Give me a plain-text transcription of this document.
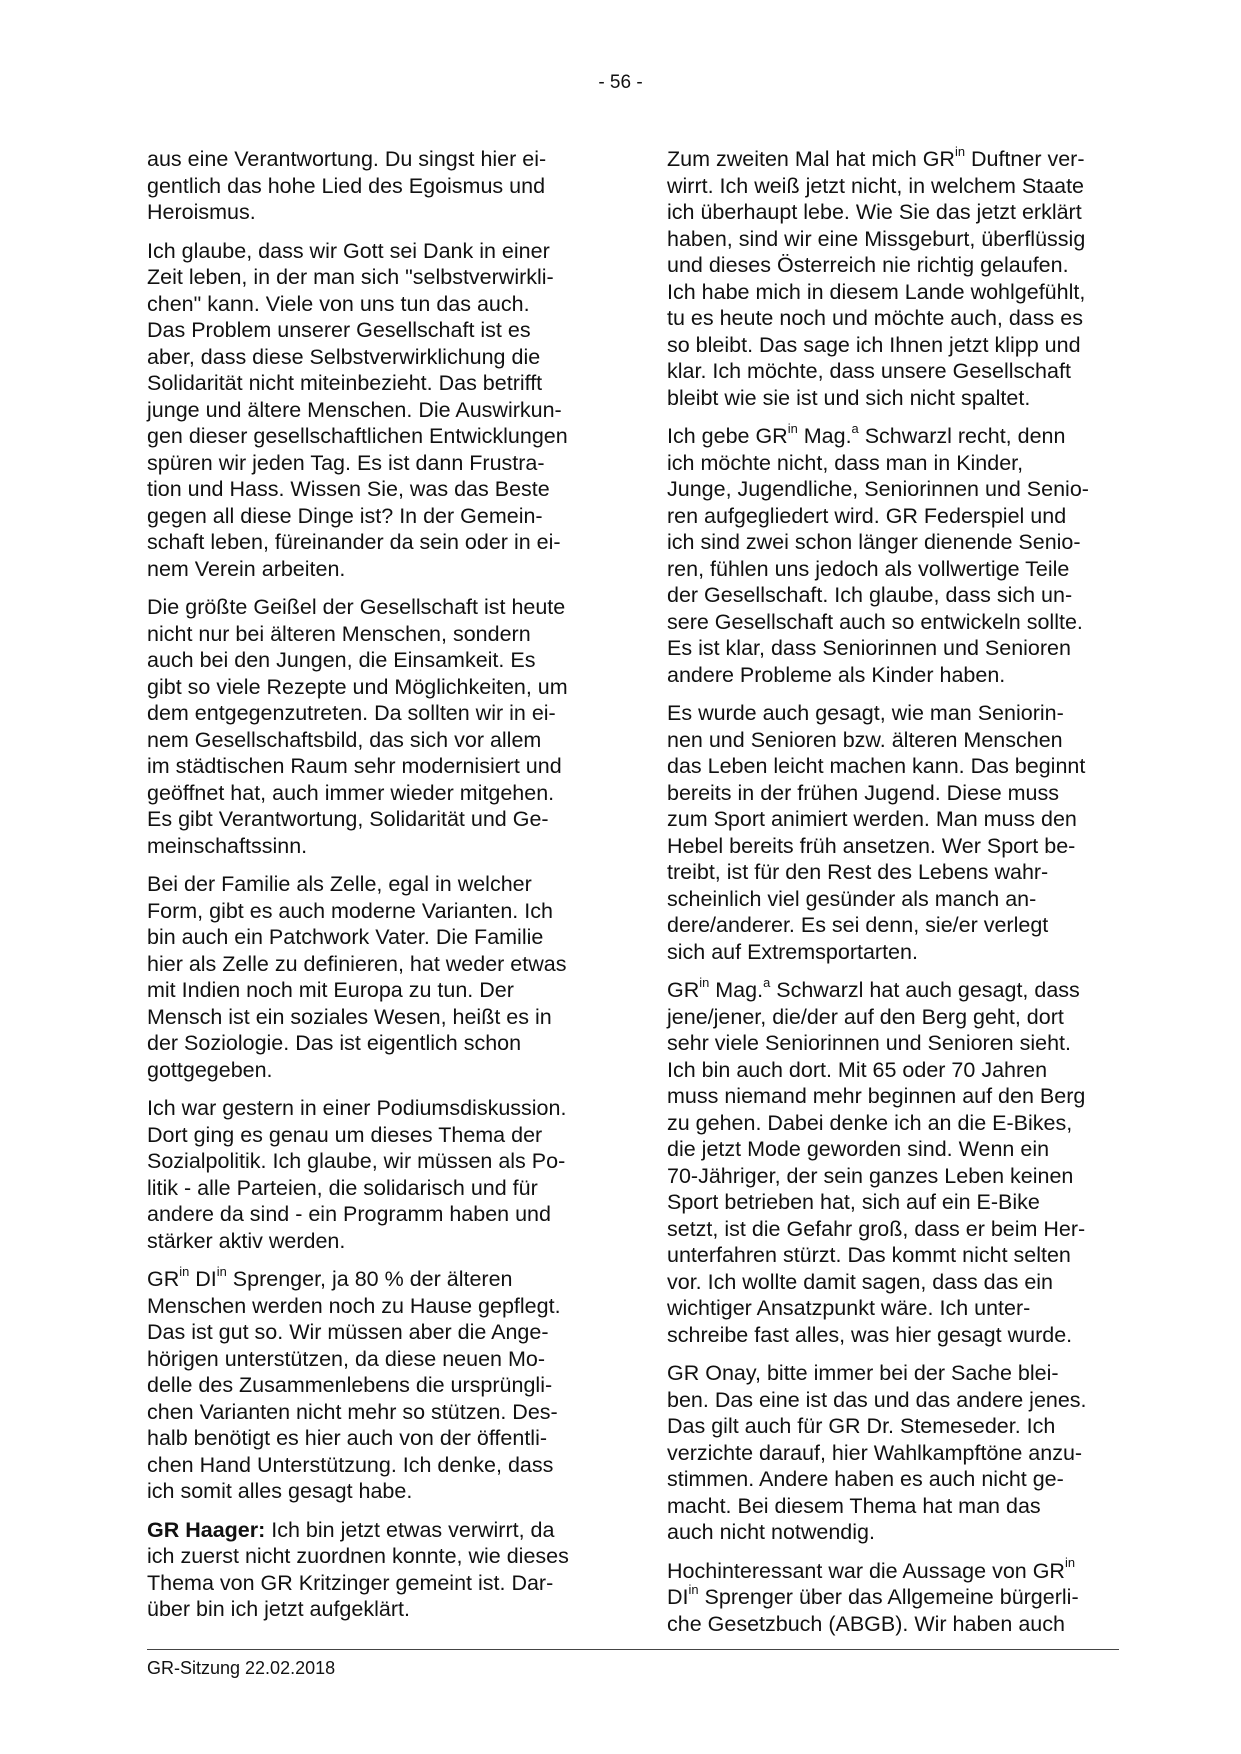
- 56 -

aus eine Verantwortung. Du singst hier ei-
gentlich das hohe Lied des Egoismus und
Heroismus.

Ich glaube, dass wir Gott sei Dank in einer
Zeit leben, in der man sich "selbstverwirkli-
chen" kann. Viele von uns tun das auch.
Das Problem unserer Gesellschaft ist es
aber, dass diese Selbstverwirklichung die
Solidarität nicht miteinbezieht. Das betrifft
junge und ältere Menschen. Die Auswirkun-
gen dieser gesellschaftlichen Entwicklungen
spüren wir jeden Tag. Es ist dann Frustra-
tion und Hass. Wissen Sie, was das Beste
gegen all diese Dinge ist? In der Gemein-
schaft leben, füreinander da sein oder in ei-
nem Verein arbeiten.

Die größte Geißel der Gesellschaft ist heute
nicht nur bei älteren Menschen, sondern
auch bei den Jungen, die Einsamkeit. Es
gibt so viele Rezepte und Möglichkeiten, um
dem entgegenzutreten. Da sollten wir in ei-
nem Gesellschaftsbild, das sich vor allem
im städtischen Raum sehr modernisiert und
geöffnet hat, auch immer wieder mitgehen.
Es gibt Verantwortung, Solidarität und Ge-
meinschaftssinn.

Bei der Familie als Zelle, egal in welcher
Form, gibt es auch moderne Varianten. Ich
bin auch ein Patchwork Vater. Die Familie
hier als Zelle zu definieren, hat weder etwas
mit Indien noch mit Europa zu tun. Der
Mensch ist ein soziales Wesen, heißt es in
der Soziologie. Das ist eigentlich schon
gottgegeben.

Ich war gestern in einer Podiumsdiskussion.
Dort ging es genau um dieses Thema der
Sozialpolitik. Ich glaube, wir müssen als Po-
litik - alle Parteien, die solidarisch und für
andere da sind - ein Programm haben und
stärker aktiv werden.

$GR^{in}$ $DI^{in}$ Sprenger, ja 80 % der älteren
Menschen werden noch zu Hause gepflegt.
Das ist gut so. Wir müssen aber die Ange-
hörigen unterstützen, da diese neuen Mo-
delle des Zusammenlebens die ursprüngli-
chen Varianten nicht mehr so stützen. Des-
halb benötigt es hier auch von der öffentli-
chen Hand Unterstützung. Ich denke, dass
ich somit alles gesagt habe.

GR Haager: Ich bin jetzt etwas verwirrt, da
ich zuerst nicht zuordnen konnte, wie dieses
Thema von GR Kritzinger gemeint ist. Dar-
über bin ich jetzt aufgeklärt.

Zum zweiten Mal hat mich $GR^{in}$ Duftner ver-
wirrt. Ich weiß jetzt nicht, in welchem Staate
ich überhaupt lebe. Wie Sie das jetzt erklärt
haben, sind wir eine Missgeburt, überflüssig
und dieses Österreich nie richtig gelaufen.
Ich habe mich in diesem Lande wohlgefühlt,
tu es heute noch und möchte auch, dass es
so bleibt. Das sage ich Ihnen jetzt klipp und
klar. Ich möchte, dass unsere Gesellschaft
bleibt wie sie ist und sich nicht spaltet.

Ich gebe $GR^{in}$ Mag.$^a$ Schwarzl recht, denn
ich möchte nicht, dass man in Kinder,
Junge, Jugendliche, Seniorinnen und Senio-
ren aufgegliedert wird. GR Federspiel und
ich sind zwei schon länger dienende Senio-
ren, fühlen uns jedoch als vollwertige Teile
der Gesellschaft. Ich glaube, dass sich un-
sere Gesellschaft auch so entwickeln sollte.
Es ist klar, dass Seniorinnen und Senioren
andere Probleme als Kinder haben.

Es wurde auch gesagt, wie man Seniorin-
nen und Senioren bzw. älteren Menschen
das Leben leicht machen kann. Das beginnt
bereits in der frühen Jugend. Diese muss
zum Sport animiert werden. Man muss den
Hebel bereits früh ansetzen. Wer Sport be-
treibt, ist für den Rest des Lebens wahr-
scheinlich viel gesünder als manch an-
dere/anderer. Es sei denn, sie/er verlegt
sich auf Extremsportarten.

$GR^{in}$ Mag.$^a$ Schwarzl hat auch gesagt, dass
jene/jener, die/der auf den Berg geht, dort
sehr viele Seniorinnen und Senioren sieht.
Ich bin auch dort. Mit 65 oder 70 Jahren
muss niemand mehr beginnen auf den Berg
zu gehen. Dabei denke ich an die E-Bikes,
die jetzt Mode geworden sind. Wenn ein
70-Jähriger, der sein ganzes Leben keinen
Sport betrieben hat, sich auf ein E-Bike
setzt, ist die Gefahr groß, dass er beim Her-
unterfahren stürzt. Das kommt nicht selten
vor. Ich wollte damit sagen, dass das ein
wichtiger Ansatzpunkt wäre. Ich unter-
schreibe fast alles, was hier gesagt wurde.

GR Onay, bitte immer bei der Sache blei-
ben. Das eine ist das und das andere jenes.
Das gilt auch für GR Dr. Stemeseder. Ich
verzichte darauf, hier Wahlkampftöne anzu-
stimmen. Andere haben es auch nicht ge-
macht. Bei diesem Thema hat man das
auch nicht notwendig.

Hochinteressant war die Aussage von $GR^{in}$
$DI^{in}$ Sprenger über das Allgemeine bürgerli-
che Gesetzbuch (ABGB). Wir haben auch

GR-Sitzung 22.02.2018
